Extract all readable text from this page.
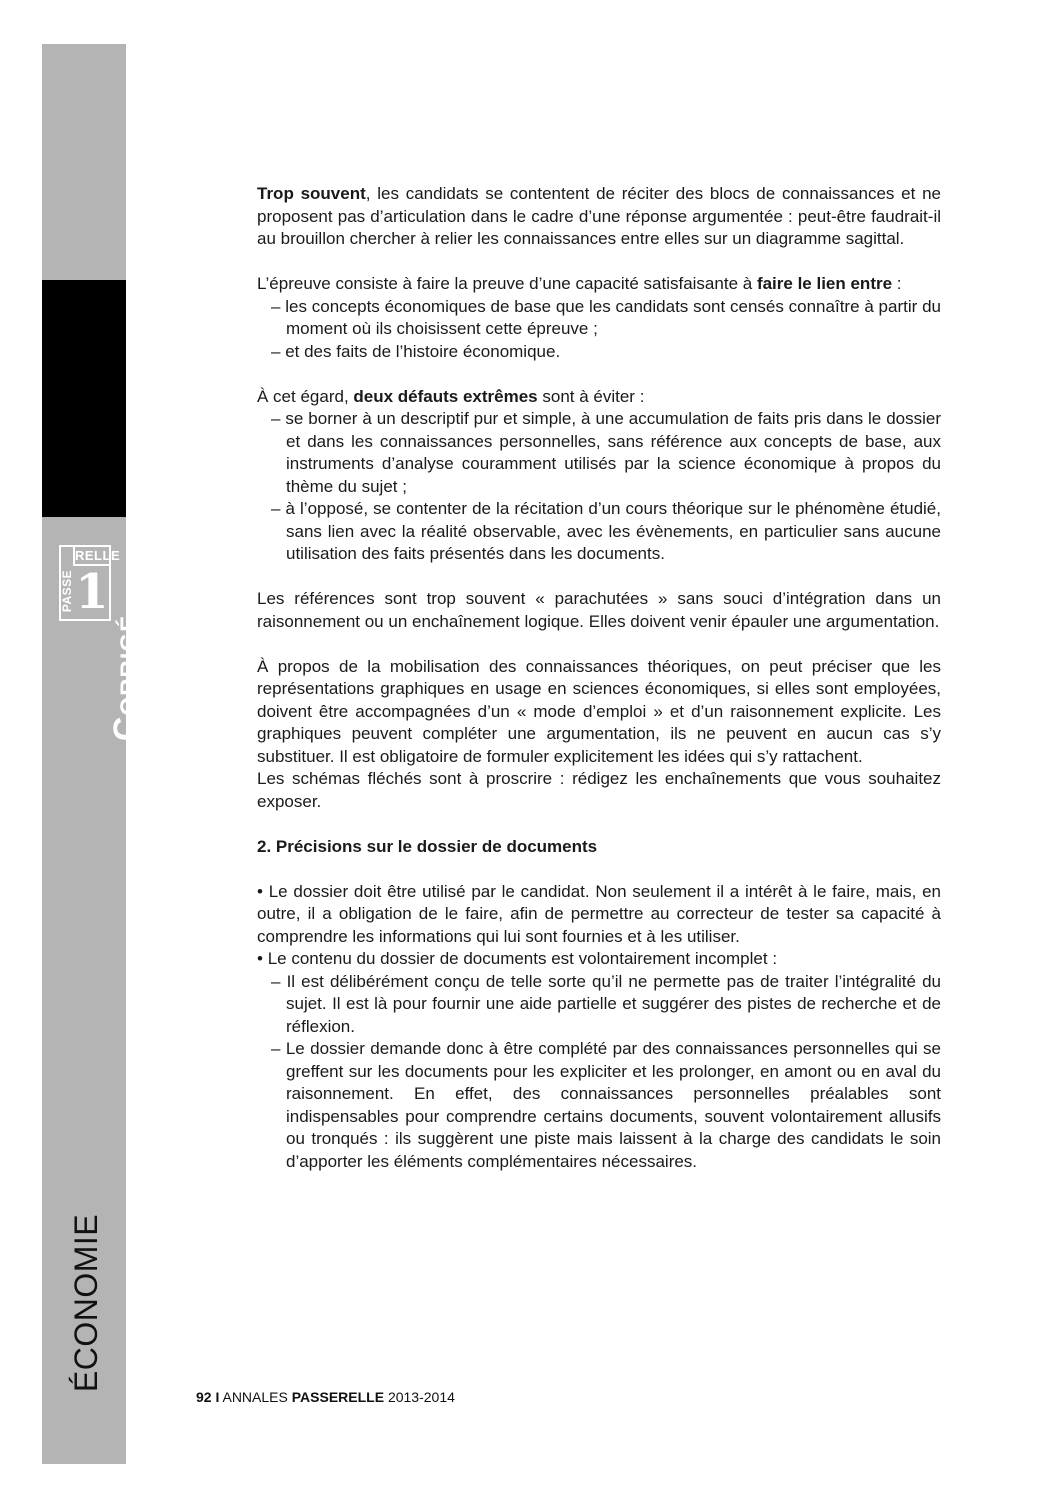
Corrigé
RELLE
PASSE 1
ÉCONOMIE

Trop souvent, les candidats se contentent de réciter des blocs de connaissances et ne proposent pas d’articulation dans le cadre d’une réponse argumentée : peut-être faudrait-il au brouillon chercher à relier les connaissances entre elles sur un diagramme sagittal.

L’épreuve consiste à faire la preuve d’une capacité satisfaisante à faire le lien entre :

– les concepts économiques de base que les candidats sont censés connaître à partir du moment où ils choisissent cette épreuve ;
– et des faits de l’histoire économique.

À cet égard, deux défauts extrêmes sont à éviter :

– se borner à un descriptif pur et simple, à une accumulation de faits pris dans le dossier et dans les connaissances personnelles, sans référence aux concepts de base, aux instruments d’analyse couramment utilisés par la science économique à propos du thème du sujet ;
– à l’opposé, se contenter de la récitation d’un cours théorique sur le phénomène étudié, sans lien avec la réalité observable, avec les évènements, en particulier sans aucune utilisation des faits présentés dans les documents.

Les références sont trop souvent « parachutées » sans souci d’intégration dans un raisonnement ou un enchaînement logique. Elles doivent venir épauler une argumentation.

À propos de la mobilisation des connaissances théoriques, on peut préciser que les représentations graphiques en usage en sciences économiques, si elles sont employées, doivent être accompagnées d’un « mode d’emploi » et d’un raisonnement explicite. Les graphiques peuvent compléter une argumentation, ils ne peuvent en aucun cas s’y substituer. Il est obligatoire de formuler explicitement les idées qui s’y rattachent.

Les schémas fléchés sont à proscrire : rédigez les enchaînements que vous souhaitez exposer.

2. Précisions sur le dossier de documents

• Le dossier doit être utilisé par le candidat. Non seulement il a intérêt à le faire, mais, en outre, il a obligation de le faire, afin de permettre au correcteur de tester sa capacité à comprendre les informations qui lui sont fournies et à les utiliser.

• Le contenu du dossier de documents est volontairement incomplet :

– Il est délibérément conçu de telle sorte qu’il ne permette pas de traiter l’intégralité du sujet. Il est là pour fournir une aide partielle et suggérer des pistes de recherche et de réflexion.
– Le dossier demande donc à être complété par des connaissances personnelles qui se greffent sur les documents pour les expliciter et les prolonger, en amont ou en aval du raisonnement. En effet, des connaissances personnelles préalables sont indispensables pour comprendre certains documents, souvent volontairement allusifs ou tronqués : ils suggèrent une piste mais laissent à la charge des candidats le soin d’apporter les éléments complémentaires nécessaires.
92 I ANNALES PASSERELLE 2013-2014
